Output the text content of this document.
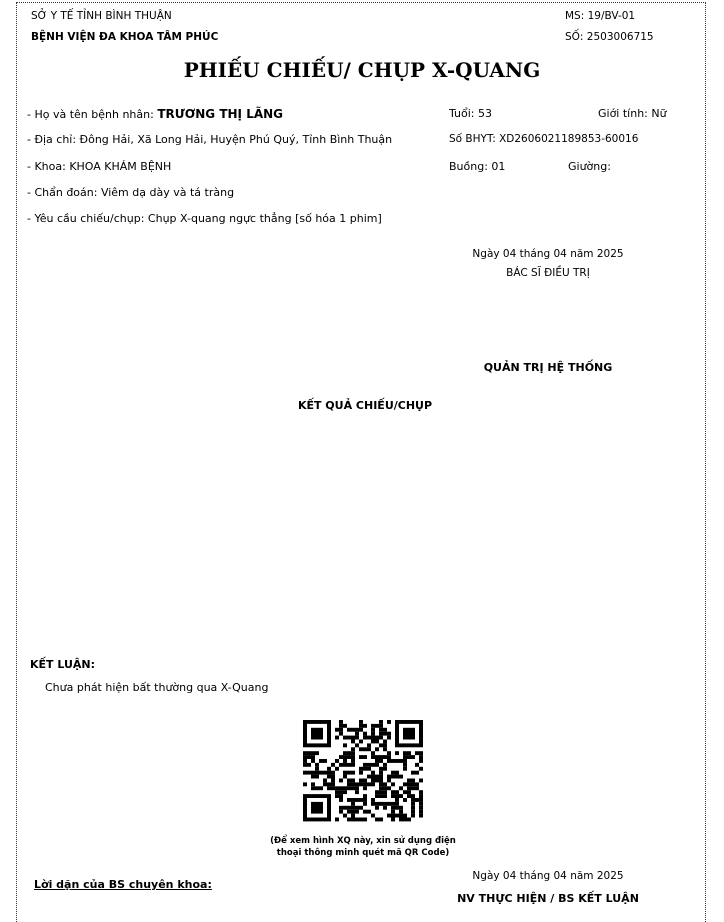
SỞ Y TẾ TỈNH BÌNH THUẬN
BỆNH VIỆN ĐA KHOA TÂM PHÚC
MS: 19/BV-01
SỐ: 2503006715
PHIẾU CHIẾU/ CHỤP X-QUANG
- Họ và tên bệnh nhân: TRƯƠNG THỊ LÃNG	Tuổi: 53	Giới tính: Nữ
- Địa chỉ: Đông Hải, Xã Long Hải, Huyện Phú Quý, Tỉnh Bình Thuận	Số BHYT: XD2606021189853-60016
- Khoa: KHOA KHÁM BỆNH	Buồng: 01	Giường:
- Chẩn đoán: Viêm dạ dày và tá tràng
- Yêu cầu chiếu/chụp: Chụp X-quang ngực thẳng [số hóa 1 phim]
Ngày 04 tháng 04 năm 2025
BÁC SĨ ĐIỀU TRỊ
QUẢN TRỊ HỆ THỐNG
KẾT QUẢ CHIẾU/CHỤP
KẾT LUẬN:
Chưa phát hiện bất thường qua X-Quang
(Để xem hình XQ này, xin sử dụng điện
thoại thông minh quét mã QR Code)
Lời dặn của BS chuyên khoa:
Ngày 04 tháng 04 năm 2025
NV THỰC HIỆN / BS KẾT LUẬN
